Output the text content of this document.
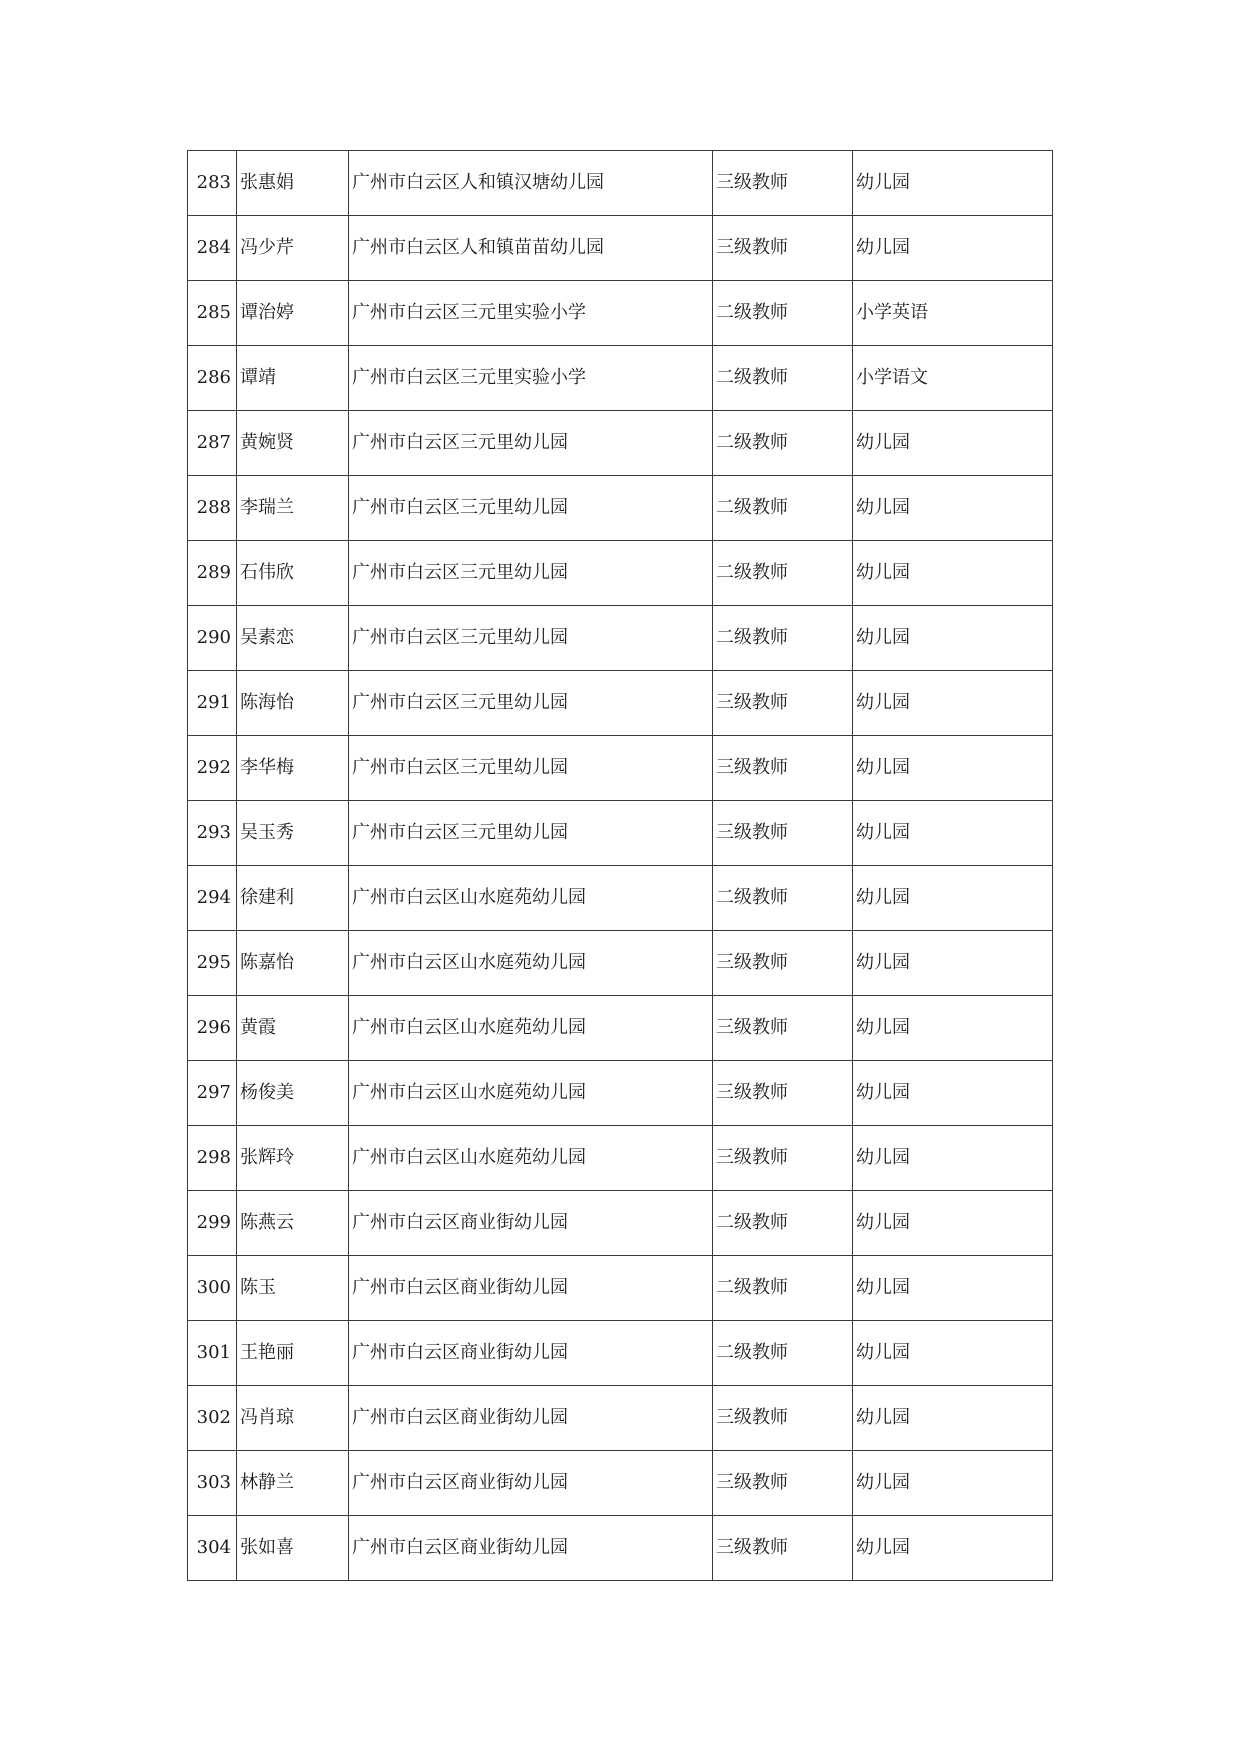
283	张惠娟	广州市白云区人和镇汉塘幼儿园	三级教师	幼儿园
284	冯少芹	广州市白云区人和镇苗苗幼儿园	三级教师	幼儿园
285	谭治婷	广州市白云区三元里实验小学	二级教师	小学英语
286	谭靖	广州市白云区三元里实验小学	二级教师	小学语文
287	黄婉贤	广州市白云区三元里幼儿园	二级教师	幼儿园
288	李瑞兰	广州市白云区三元里幼儿园	二级教师	幼儿园
289	石伟欣	广州市白云区三元里幼儿园	二级教师	幼儿园
290	吴素恋	广州市白云区三元里幼儿园	二级教师	幼儿园
291	陈海怡	广州市白云区三元里幼儿园	三级教师	幼儿园
292	李华梅	广州市白云区三元里幼儿园	三级教师	幼儿园
293	吴玉秀	广州市白云区三元里幼儿园	三级教师	幼儿园
294	徐建利	广州市白云区山水庭苑幼儿园	二级教师	幼儿园
295	陈嘉怡	广州市白云区山水庭苑幼儿园	三级教师	幼儿园
296	黄霞	广州市白云区山水庭苑幼儿园	三级教师	幼儿园
297	杨俊美	广州市白云区山水庭苑幼儿园	三级教师	幼儿园
298	张辉玲	广州市白云区山水庭苑幼儿园	三级教师	幼儿园
299	陈燕云	广州市白云区商业街幼儿园	二级教师	幼儿园
300	陈玉	广州市白云区商业街幼儿园	二级教师	幼儿园
301	王艳丽	广州市白云区商业街幼儿园	二级教师	幼儿园
302	冯肖琼	广州市白云区商业街幼儿园	三级教师	幼儿园
303	林静兰	广州市白云区商业街幼儿园	三级教师	幼儿园
304	张如喜	广州市白云区商业街幼儿园	三级教师	幼儿园
